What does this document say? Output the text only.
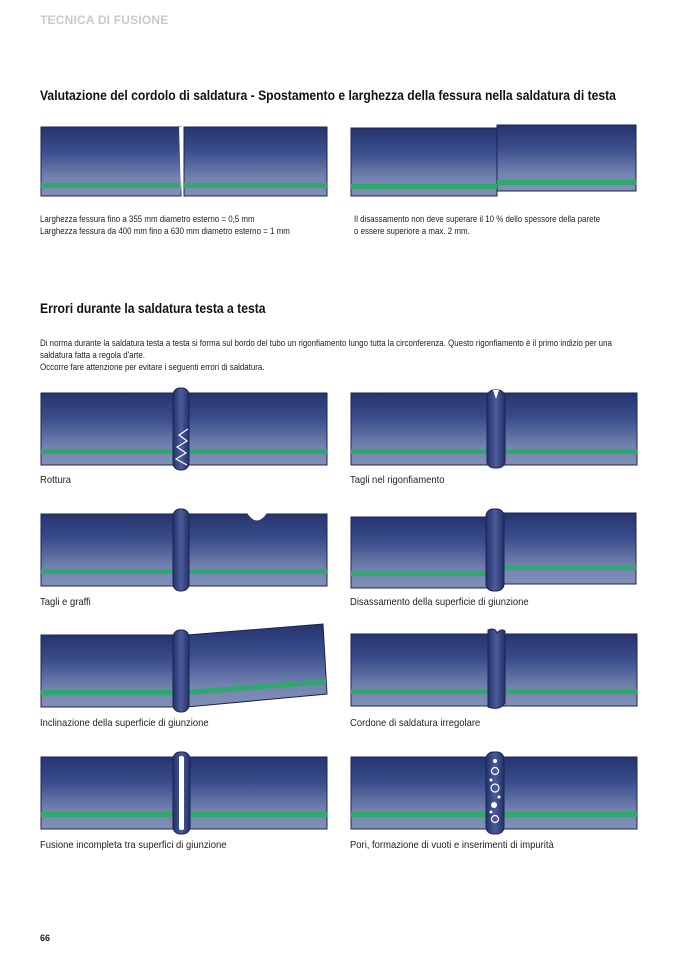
TECNICA DI FUSIONE
Valutazione del cordolo di saldatura - Spostamento e larghezza della fessura nella saldatura di testa
Larghezza fessura fino a 355 mm diametro esterno = 0,5 mm
Larghezza fessura da 400 mm fino a 630 mm diametro esterno = 1 mm
Il disassamento non deve superare il 10 % dello spessore della parete
o essere superiore a max. 2 mm.
Errori durante la saldatura testa a testa
Di norma durante la saldatura testa a testa si forma sul bordo del tubo un rigonfiamento lungo tutta la circonferenza. Questo rigonfiamento è il primo indizio per una
saldatura fatta a regola d'arte.
Occorre fare attenzione per evitare i seguenti errori di saldatura.
Rottura	Tagli nel rigonfiamento
Tagli e graffi	Disassamento della superficie di giunzione
Inclinazione della superficie di giunzione	Cordone di saldatura irregolare
Fusione incompleta tra superfici di giunzione	Pori, formazione di vuoti e inserimenti di impurità
66
